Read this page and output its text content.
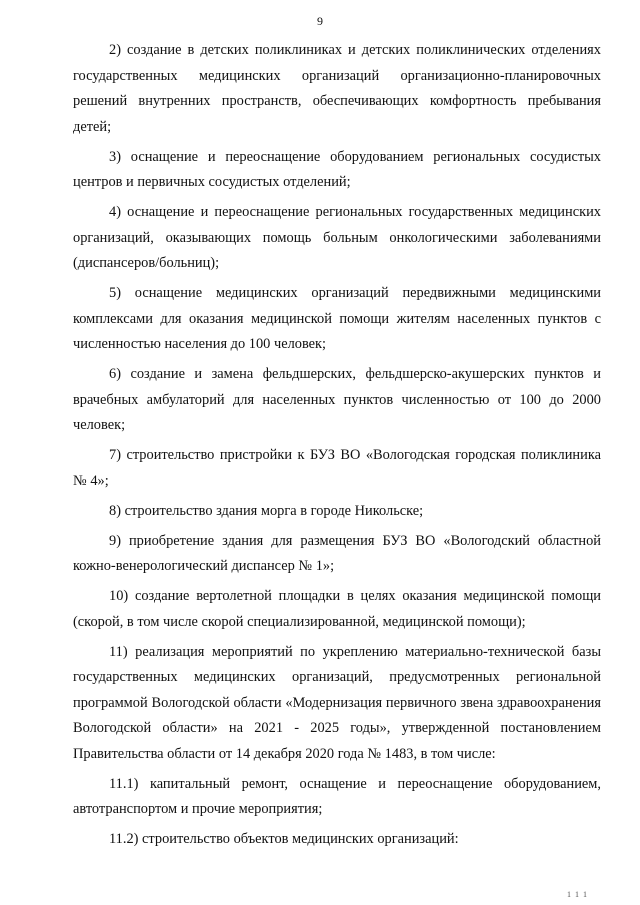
9

2) создание в детских поликлиниках и детских поликлинических отделениях государственных медицинских организаций организационно-планировочных решений внутренних пространств, обеспечивающих комфортность пребывания детей;

3) оснащение и переоснащение оборудованием региональных сосудистых центров и первичных сосудистых отделений;

4) оснащение и переоснащение региональных государственных медицинских организаций, оказывающих помощь больным онкологическими заболеваниями (диспансеров/больниц);

5) оснащение медицинских организаций передвижными медицинскими комплексами для оказания медицинской помощи жителям населенных пунктов с численностью населения до 100 человек;

6) создание и замена фельдшерских, фельдшерско-акушерских пунктов и врачебных амбулаторий для населенных пунктов численностью от 100 до 2000 человек;

7) строительство пристройки к БУЗ ВО «Вологодская городская поликлиника № 4»;

8) строительство здания морга в городе Никольске;

9) приобретение здания для размещения БУЗ ВО «Вологодский областной кожно-венерологический диспансер № 1»;

10) создание вертолетной площадки в целях оказания медицинской помощи (скорой, в том числе скорой специализированной, медицинской помощи);

11) реализация мероприятий по укреплению материально-технической базы государственных медицинских организаций, предусмотренных региональной программой Вологодской области «Модернизация первичного звена здравоохранения Вологодской области» на 2021 - 2025 годы», утвержденной постановлением Правительства области от 14 декабря 2020 года № 1483, в том числе:

11.1) капитальный ремонт, оснащение и переоснащение оборудованием, автотранспортом и прочие мероприятия;

11.2) строительство объектов медицинских организаций:

1 1 1
